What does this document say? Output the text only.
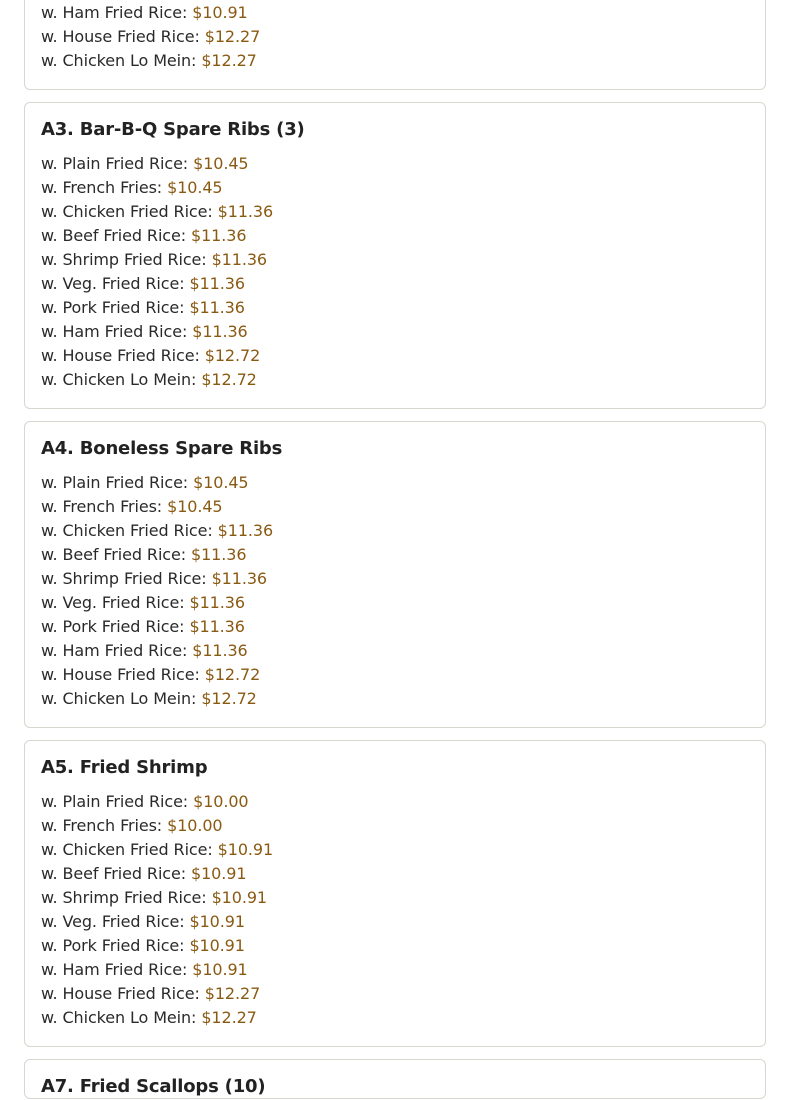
w. Ham Fried Rice: $10.91
w. House Fried Rice: $12.27
w. Chicken Lo Mein: $12.27
A3. Bar-B-Q Spare Ribs (3)
w. Plain Fried Rice: $10.45
w. French Fries: $10.45
w. Chicken Fried Rice: $11.36
w. Beef Fried Rice: $11.36
w. Shrimp Fried Rice: $11.36
w. Veg. Fried Rice: $11.36
w. Pork Fried Rice: $11.36
w. Ham Fried Rice: $11.36
w. House Fried Rice: $12.72
w. Chicken Lo Mein: $12.72
A4. Boneless Spare Ribs
w. Plain Fried Rice: $10.45
w. French Fries: $10.45
w. Chicken Fried Rice: $11.36
w. Beef Fried Rice: $11.36
w. Shrimp Fried Rice: $11.36
w. Veg. Fried Rice: $11.36
w. Pork Fried Rice: $11.36
w. Ham Fried Rice: $11.36
w. House Fried Rice: $12.72
w. Chicken Lo Mein: $12.72
A5. Fried Shrimp
w. Plain Fried Rice: $10.00
w. French Fries: $10.00
w. Chicken Fried Rice: $10.91
w. Beef Fried Rice: $10.91
w. Shrimp Fried Rice: $10.91
w. Veg. Fried Rice: $10.91
w. Pork Fried Rice: $10.91
w. Ham Fried Rice: $10.91
w. House Fried Rice: $12.27
w. Chicken Lo Mein: $12.27
A7. Fried Scallops (10)
